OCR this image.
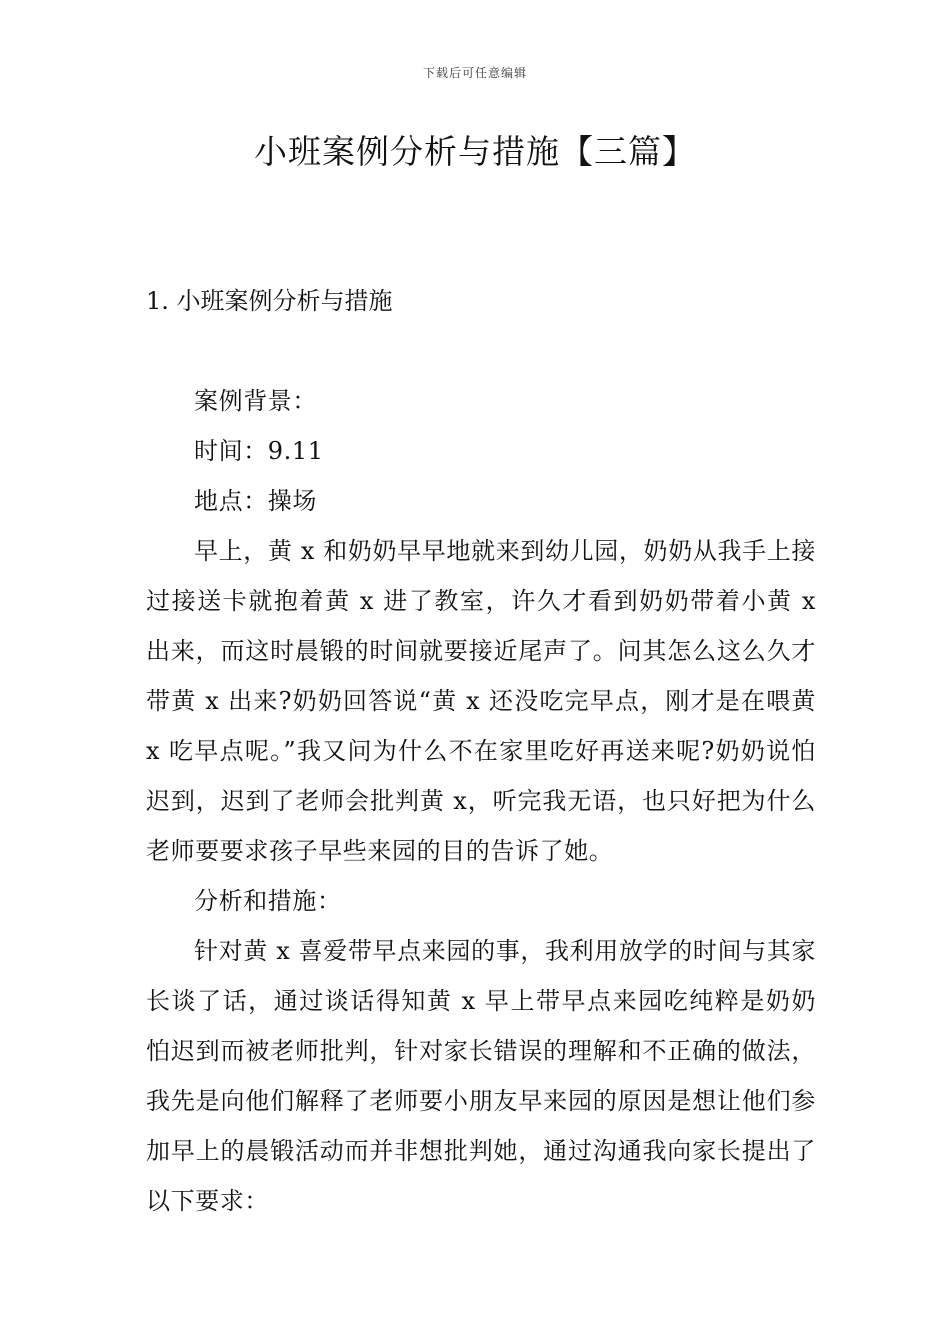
下载后可任意编辑
小班案例分析与措施【三篇】
1. 小班案例分析与措施

案例背景：

时间：9.11

地点：操场

早上，黄 x 和奶奶早早地就来到幼儿园，奶奶从我手上接过接送卡就抱着黄 x 进了教室，许久才看到奶奶带着小黄 x 出来，而这时晨锻的时间就要接近尾声了。问其怎么这么久才带黄 x 出来?奶奶回答说“黄 x 还没吃完早点，刚才是在喂黄 x 吃早点呢。”我又问为什么不在家里吃好再送来呢?奶奶说怕迟到，迟到了老师会批判黄 x，听完我无语，也只好把为什么老师要要求孩子早些来园的目的告诉了她。

分析和措施：

针对黄 x 喜爱带早点来园的事，我利用放学的时间与其家长谈了话，通过谈话得知黄 x 早上带早点来园吃纯粹是奶奶怕迟到而被老师批判，针对家长错误的理解和不正确的做法，我先是向他们解释了老师要小朋友早来园的原因是想让他们参加早上的晨锻活动而并非想批判她，通过沟通我向家长提出了以下要求：
